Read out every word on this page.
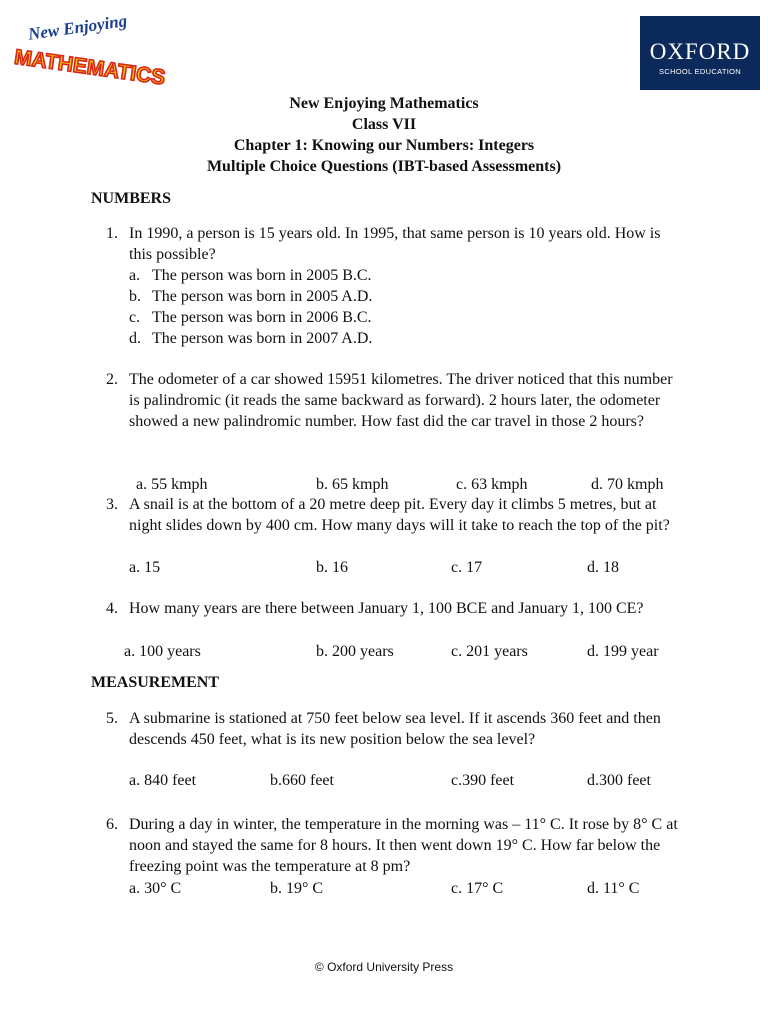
New Enjoying
MATHEMATICS	OXFORD
SCHOOL EDUCATION
New Enjoying Mathematics
Class VII
Chapter 1: Knowing our Numbers: Integers
Multiple Choice Questions (IBT-based Assessments)
NUMBERS
1. In 1990, a person is 15 years old. In 1995, that same person is 10 years old. How is this possible?
a. The person was born in 2005 B.C.
b. The person was born in 2005 A.D.
c. The person was born in 2006 B.C.
d. The person was born in 2007 A.D.
2. The odometer of a car showed 15951 kilometres. The driver noticed that this number is palindromic (it reads the same backward as forward). 2 hours later, the odometer showed a new palindromic number. How fast did the car travel in those 2 hours?
a. 55 kmph	b. 65 kmph	c. 63 kmph	d. 70 kmph
3. A snail is at the bottom of a 20 metre deep pit. Every day it climbs 5 metres, but at night slides down by 400 cm. How many days will it take to reach the top of the pit?
a. 15	b. 16	c. 17	d. 18
4. How many years are there between January 1, 100 BCE and January 1, 100 CE?
a. 100 years	b. 200 years	c. 201 years	d. 199 year
MEASUREMENT
5. A submarine is stationed at 750 feet below sea level. If it ascends 360 feet and then descends 450 feet, what is its new position below the sea level?
a. 840 feet	b.660 feet	c.390 feet	d.300 feet
6. During a day in winter, the temperature in the morning was – 11° C. It rose by 8° C at noon and stayed the same for 8 hours. It then went down 19° C. How far below the freezing point was the temperature at 8 pm?
a. 30° C	b. 19° C	c. 17° C	d. 11° C
© Oxford University Press
